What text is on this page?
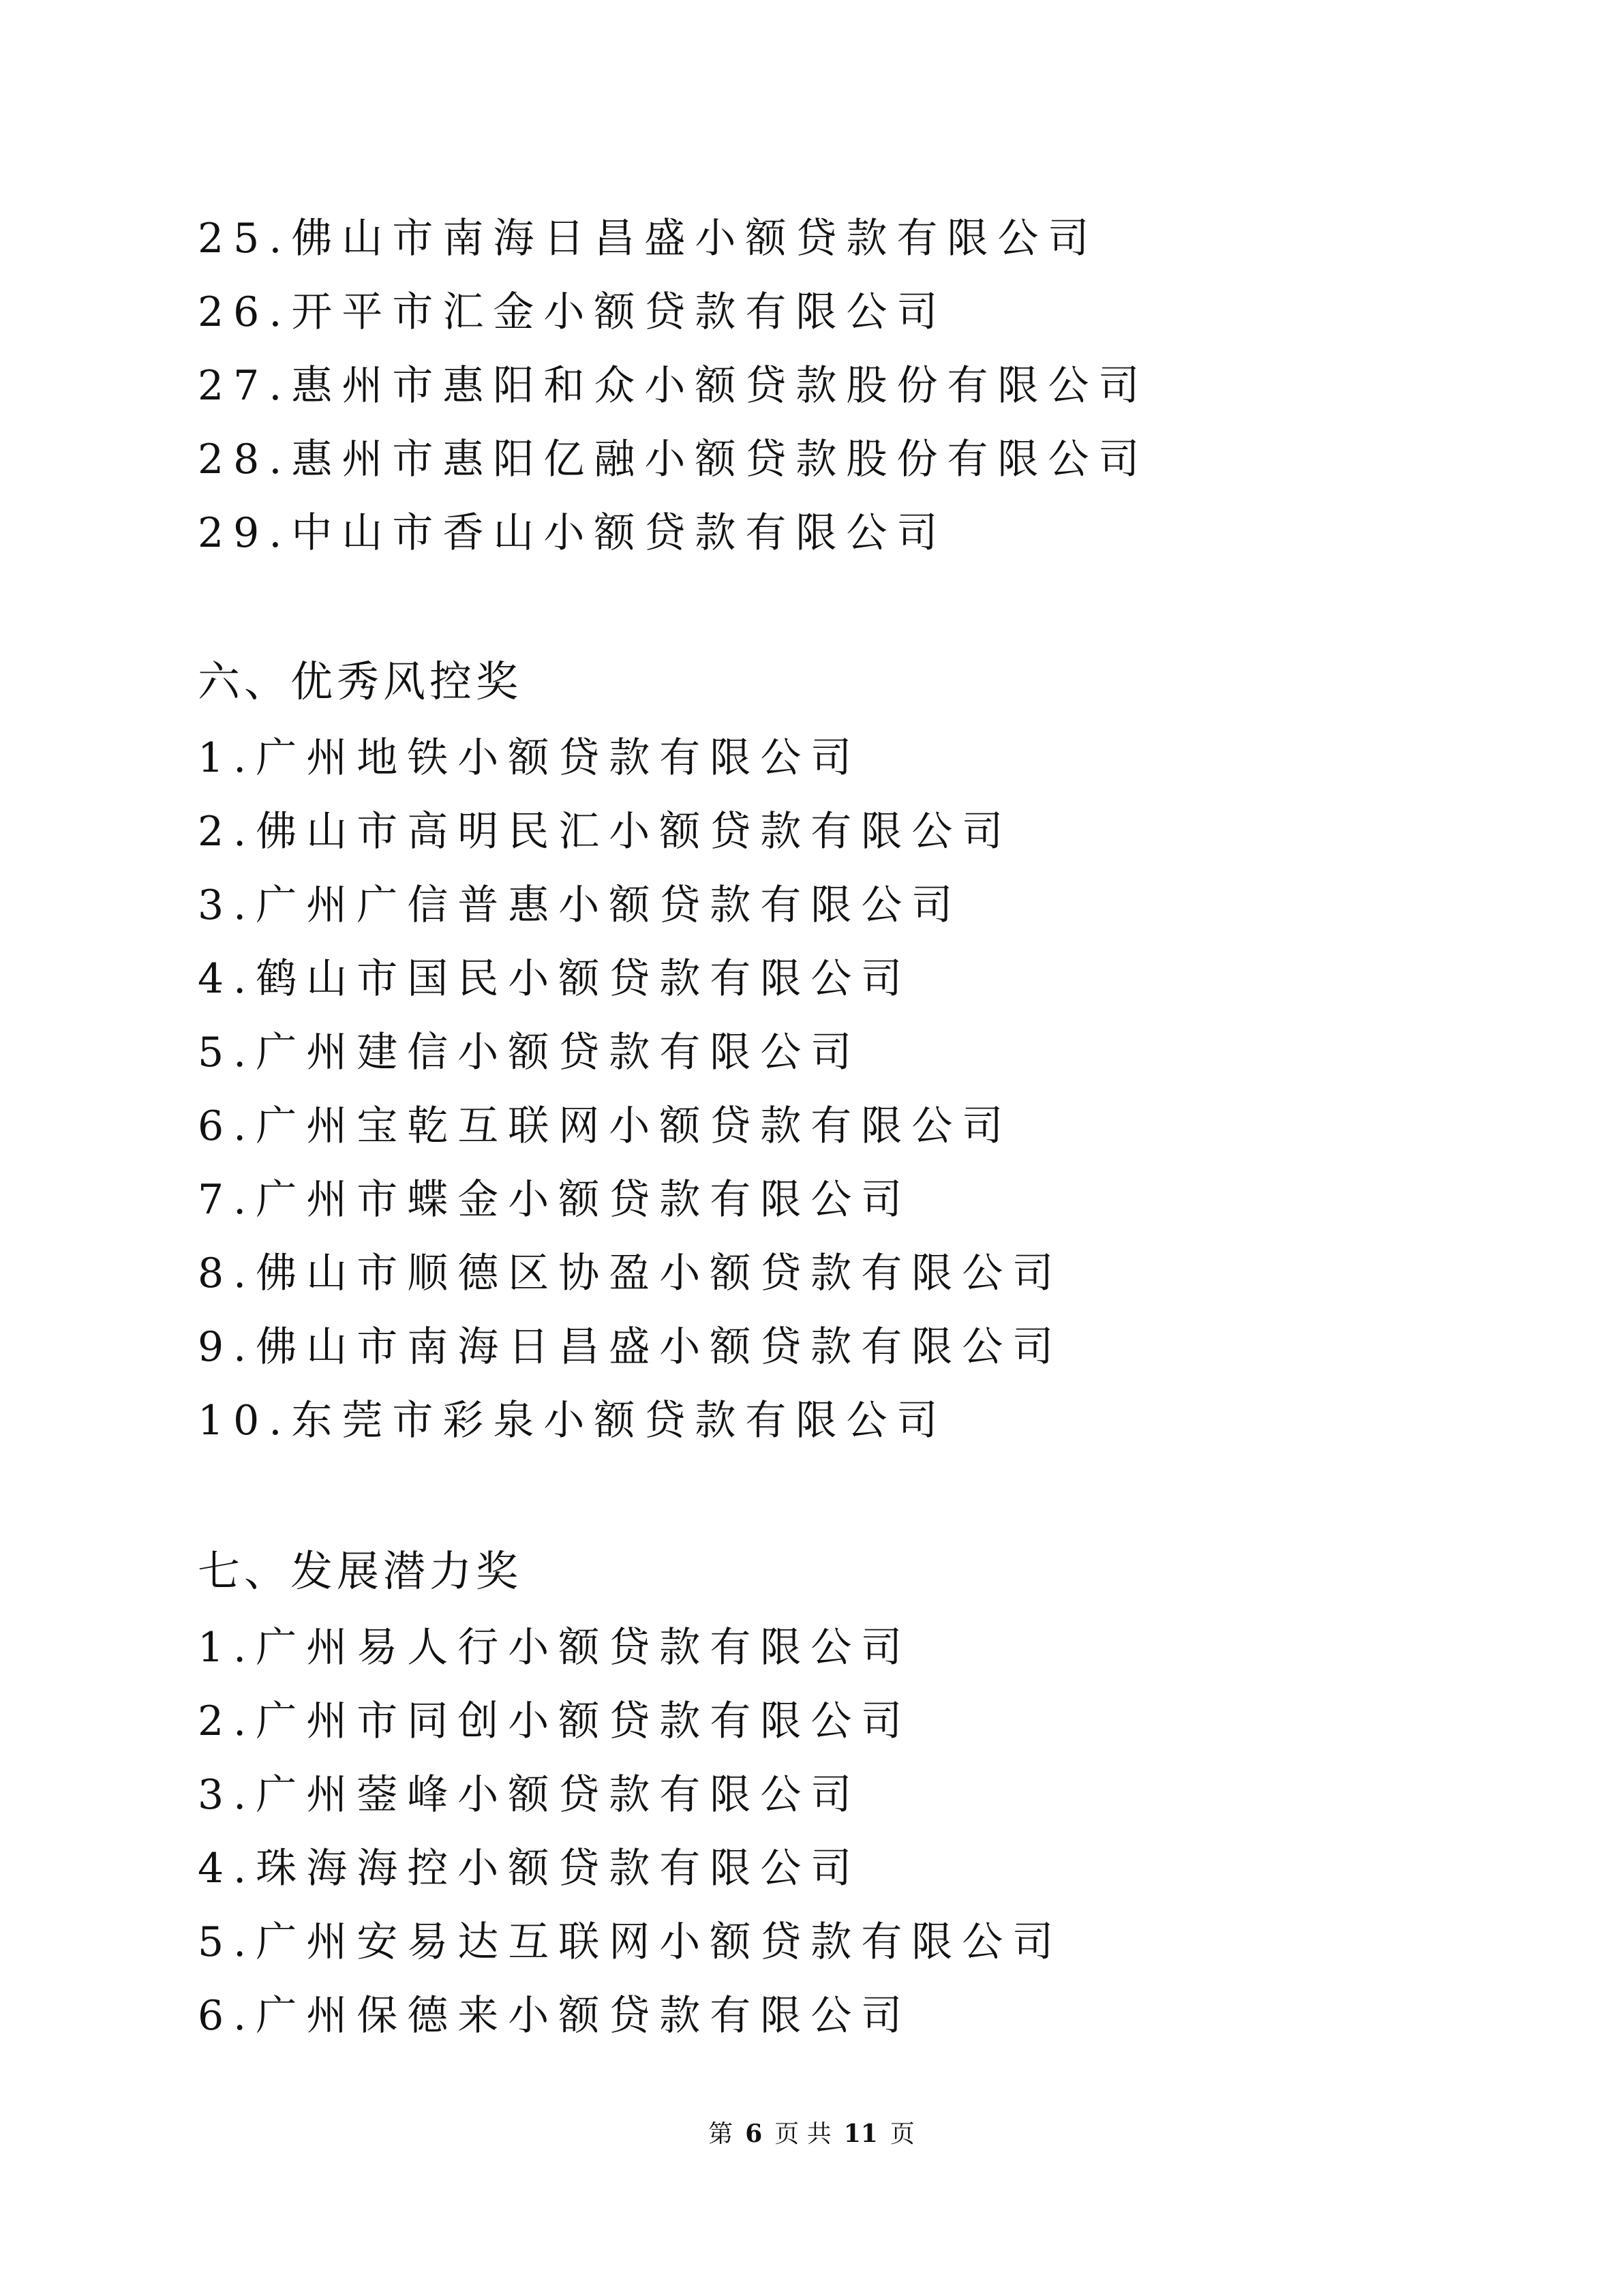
25.佛山市南海日昌盛小额贷款有限公司
26.开平市汇金小额贷款有限公司
27.惠州市惠阳和众小额贷款股份有限公司
28.惠州市惠阳亿融小额贷款股份有限公司
29.中山市香山小额贷款有限公司
六、优秀风控奖
1.广州地铁小额贷款有限公司
2.佛山市高明民汇小额贷款有限公司
3.广州广信普惠小额贷款有限公司
4.鹤山市国民小额贷款有限公司
5.广州建信小额贷款有限公司
6.广州宝乾互联网小额贷款有限公司
7.广州市蝶金小额贷款有限公司
8.佛山市顺德区协盈小额贷款有限公司
9.佛山市南海日昌盛小额贷款有限公司
10.东莞市彩泉小额贷款有限公司
七、发展潜力奖
1.广州易人行小额贷款有限公司
2.广州市同创小额贷款有限公司
3.广州蓥峰小额贷款有限公司
4.珠海海控小额贷款有限公司
5.广州安易达互联网小额贷款有限公司
6.广州保德来小额贷款有限公司
第 6 页 共 11 页
